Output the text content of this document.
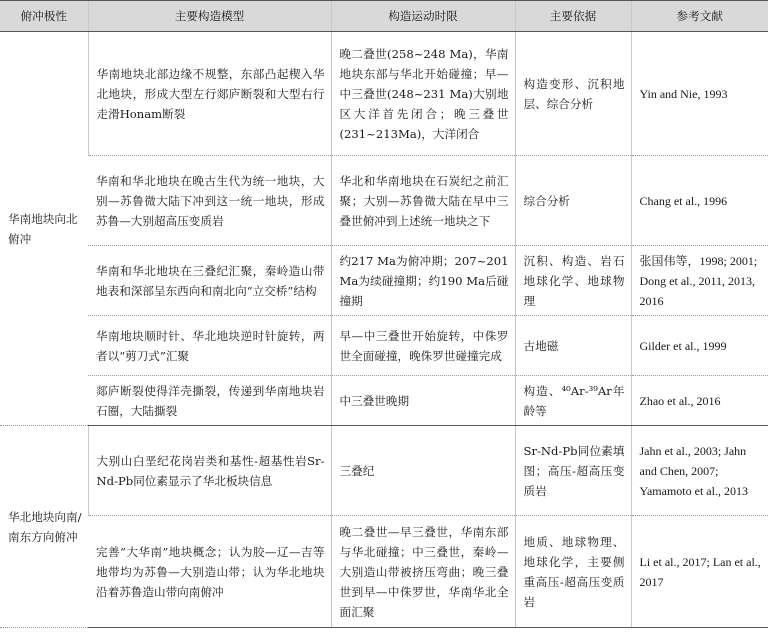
俯冲极性	主要构造模型	构造运动时限	主要依据	参考文献
华南地块向北俯冲	华南地块北部边缘不规整，东部凸起楔入华北地块，形成大型左行郯庐断裂和大型右行走滑Honam断裂	晚二叠世(258~248 Ma)，华南地块东部与华北开始碰撞；早—中三叠世(248~231 Ma)大别地区大洋首先闭合；晚三叠世(231~213Ma)，大洋闭合	构造变形、沉积地层、综合分析	Yin and Nie, 1993
	华南和华北地块在晚古生代为统一地块，大别—苏鲁微大陆下冲到这一统一地块，形成苏鲁—大别超高压变质岩	华北和华南地块在石炭纪之前汇聚；大别—苏鲁微大陆在早中三叠世俯冲到上述统一地块之下	综合分析	Chang et al., 1996
	华南和华北地块在三叠纪汇聚，秦岭造山带地表和深部呈东西向和南北向“立交桥”结构	约217 Ma为俯冲期；207~201 Ma为续碰撞期；约190 Ma后碰撞期	沉积、构造、岩石地球化学、地球物理	张国伟等，1998; 2001; Dong et al., 2011, 2013, 2016
	华南地块顺时针、华北地块逆时针旋转，两者以“剪刀式”汇聚	早—中三叠世开始旋转，中侏罗世全面碰撞，晚侏罗世碰撞完成	古地磁	Gilder et al., 1999
	郯庐断裂使得洋壳撕裂，传递到华南地块岩石圈，大陆撕裂	中三叠世晚期	构造、⁴⁰Ar-³⁹Ar年龄等	Zhao et al., 2016
华北地块向南/南东方向俯冲	大别山白垩纪花岗岩类和基性-超基性岩Sr-Nd-Pb同位素显示了华北板块信息	三叠纪	Sr-Nd-Pb同位素填图；高压-超高压变质岩	Jahn et al., 2003; Jahn and Chen, 2007; Yamamoto et al., 2013
	完善“大华南”地块概念；认为胶—辽—吉等地带均为苏鲁—大别造山带；认为华北地块沿着苏鲁造山带向南俯冲	晚二叠世—早三叠世，华南东部与华北碰撞；中三叠世，秦岭—大别造山带被挤压弯曲；晚三叠世到早—中侏罗世，华南华北全面汇聚	地质、地球物理、地球化学，主要侧重高压-超高压变质岩	Li et al., 2017; Lan et al., 2017
